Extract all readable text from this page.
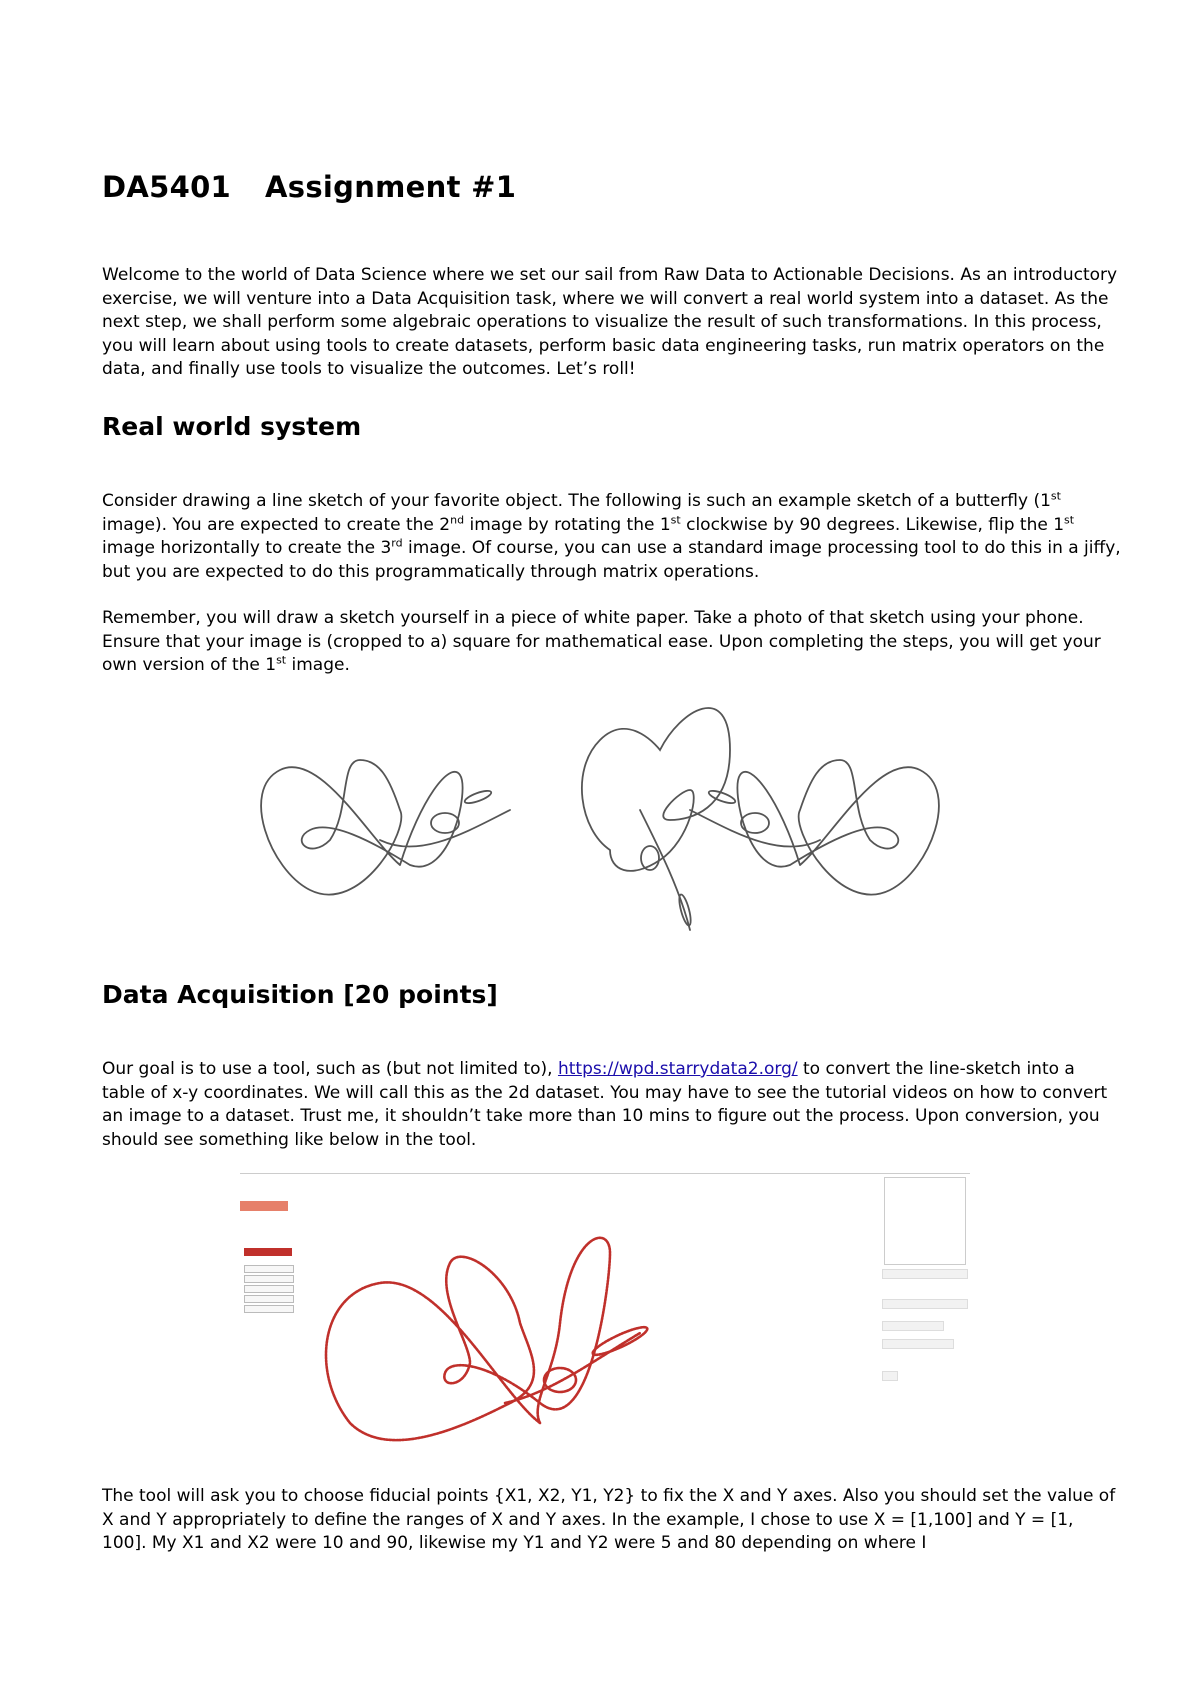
DA5401 Assignment #1

Welcome to the world of Data Science where we set our sail from Raw Data to Actionable Decisions. As an introductory exercise, we will venture into a Data Acquisition task, where we will convert a real world system into a dataset. As the next step, we shall perform some algebraic operations to visualize the result of such transformations. In this process, you will learn about using tools to create datasets, perform basic data engineering tasks, run matrix operators on the data, and finally use tools to visualize the outcomes. Let’s roll!

Real world system

Consider drawing a line sketch of your favorite object. The following is such an example sketch of a butterfly (1st image). You are expected to create the 2nd image by rotating the 1st clockwise by 90 degrees. Likewise, flip the 1st image horizontally to create the 3rd image. Of course, you can use a standard image processing tool to do this in a jiffy, but you are expected to do this programmatically through matrix operations.

Remember, you will draw a sketch yourself in a piece of white paper. Take a photo of that sketch using your phone. Ensure that your image is (cropped to a) square for mathematical ease. Upon completing the steps, you will get your own version of the 1st image.

Data Acquisition [20 points]

Our goal is to use a tool, such as (but not limited to), https://wpd.starrydata2.org/ to convert the line-sketch into a table of x-y coordinates. We will call this as the 2d dataset. You may have to see the tutorial videos on how to convert an image to a dataset. Trust me, it shouldn’t take more than 10 mins to figure out the process. Upon conversion, you should see something like below in the tool.

The tool will ask you to choose fiducial points {X1, X2, Y1, Y2} to fix the X and Y axes. Also you should set the value of X and Y appropriately to define the ranges of X and Y axes. In the example, I chose to use X = [1,100] and Y = [1, 100]. My X1 and X2 were 10 and 90, likewise my Y1 and Y2 were 5 and 80 depending on where I
